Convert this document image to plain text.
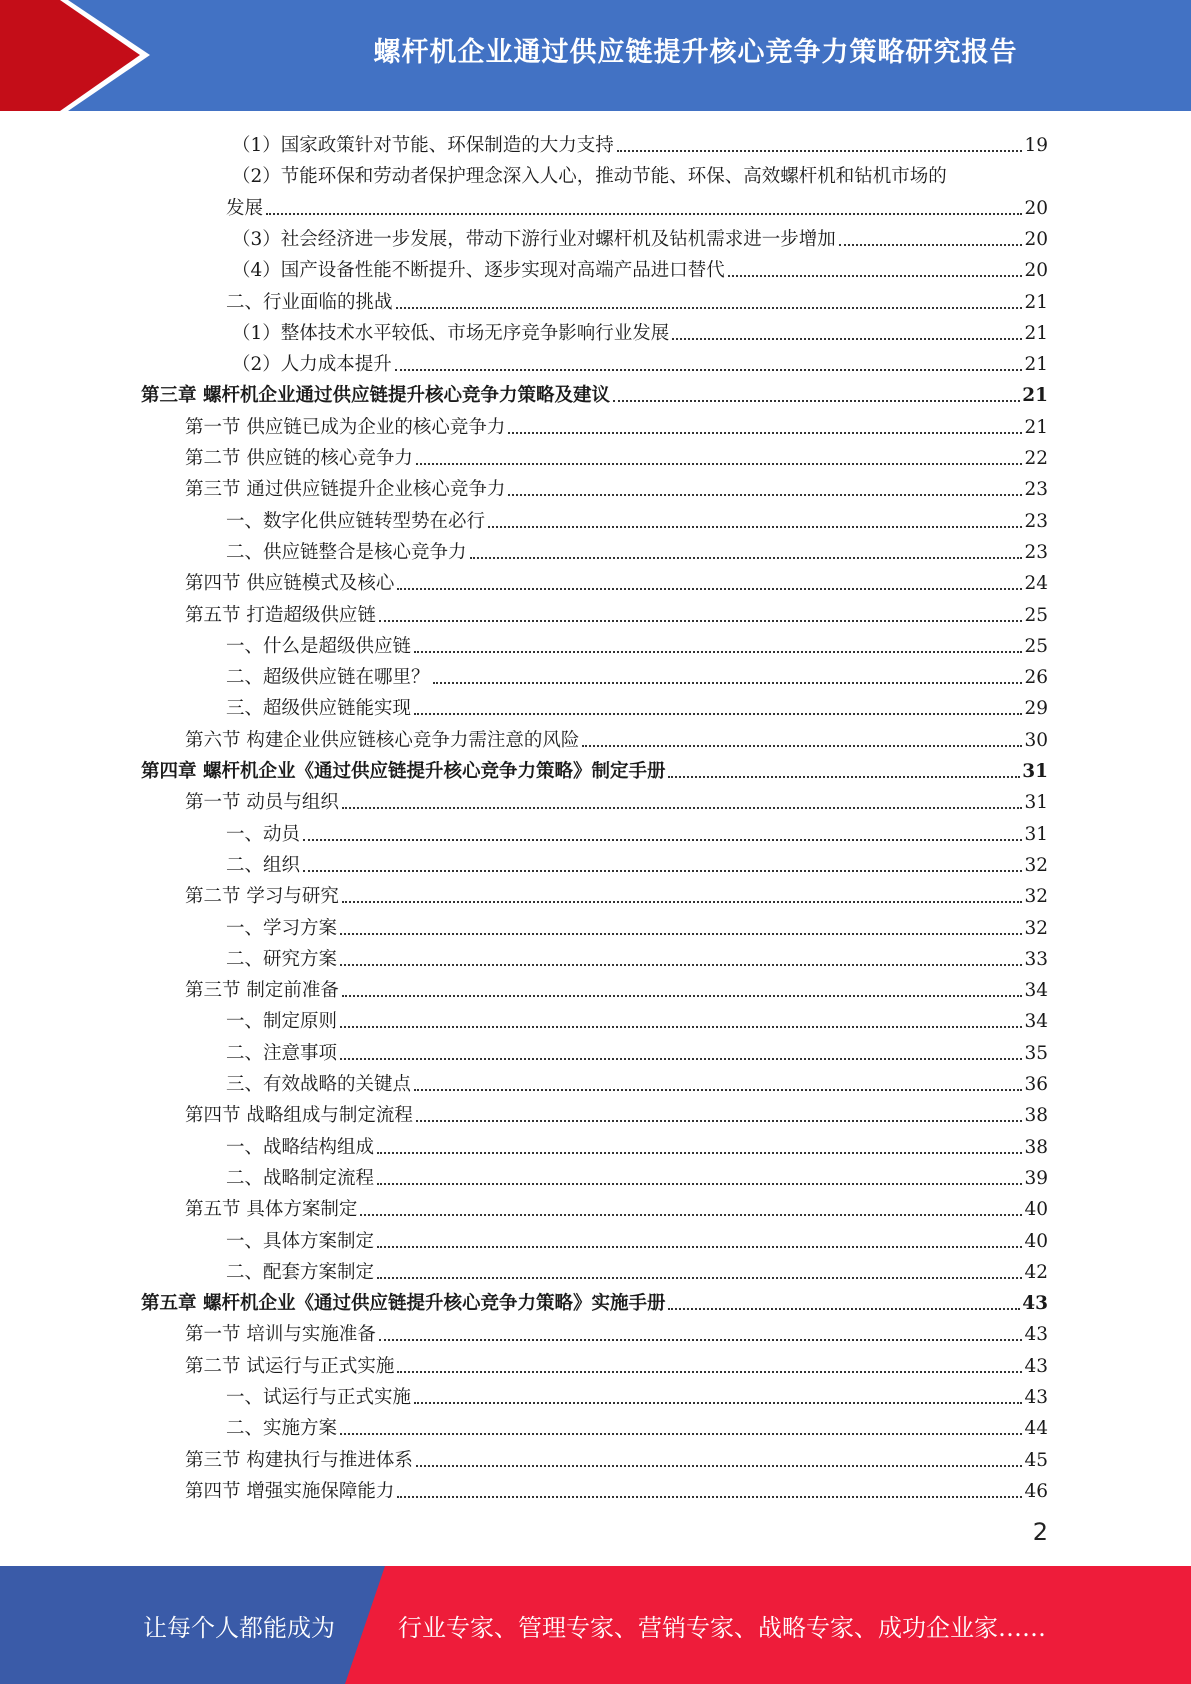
螺杆机企业通过供应链提升核心竞争力策略研究报告
（1）国家政策针对节能、环保制造的大力支持	19
（2）节能环保和劳动者保护理念深入人心，推动节能、环保、高效螺杆机和钻机市场的
发展	20
（3）社会经济进一步发展，带动下游行业对螺杆机及钻机需求进一步增加	20
（4）国产设备性能不断提升、逐步实现对高端产品进口替代	20
二、行业面临的挑战	21
（1）整体技术水平较低、市场无序竞争影响行业发展	21
（2）人力成本提升	21
第三章 螺杆机企业通过供应链提升核心竞争力策略及建议	21
第一节 供应链已成为企业的核心竞争力	21
第二节 供应链的核心竞争力	22
第三节 通过供应链提升企业核心竞争力	23
一、数字化供应链转型势在必行	23
二、供应链整合是核心竞争力	23
第四节 供应链模式及核心	24
第五节 打造超级供应链	25
一、什么是超级供应链	25
二、超级供应链在哪里？	26
三、超级供应链能实现	29
第六节 构建企业供应链核心竞争力需注意的风险	30
第四章 螺杆机企业《通过供应链提升核心竞争力策略》制定手册	31
第一节 动员与组织	31
一、动员	31
二、组织	32
第二节 学习与研究	32
一、学习方案	32
二、研究方案	33
第三节 制定前准备	34
一、制定原则	34
二、注意事项	35
三、有效战略的关键点	36
第四节 战略组成与制定流程	38
一、战略结构组成	38
二、战略制定流程	39
第五节 具体方案制定	40
一、具体方案制定	40
二、配套方案制定	42
第五章 螺杆机企业《通过供应链提升核心竞争力策略》实施手册	43
第一节 培训与实施准备	43
第二节 试运行与正式实施	43
一、试运行与正式实施	43
二、实施方案	44
第三节 构建执行与推进体系	45
第四节 增强实施保障能力	46
2
让每个人都能成为	行业专家、管理专家、营销专家、战略专家、成功企业家……
